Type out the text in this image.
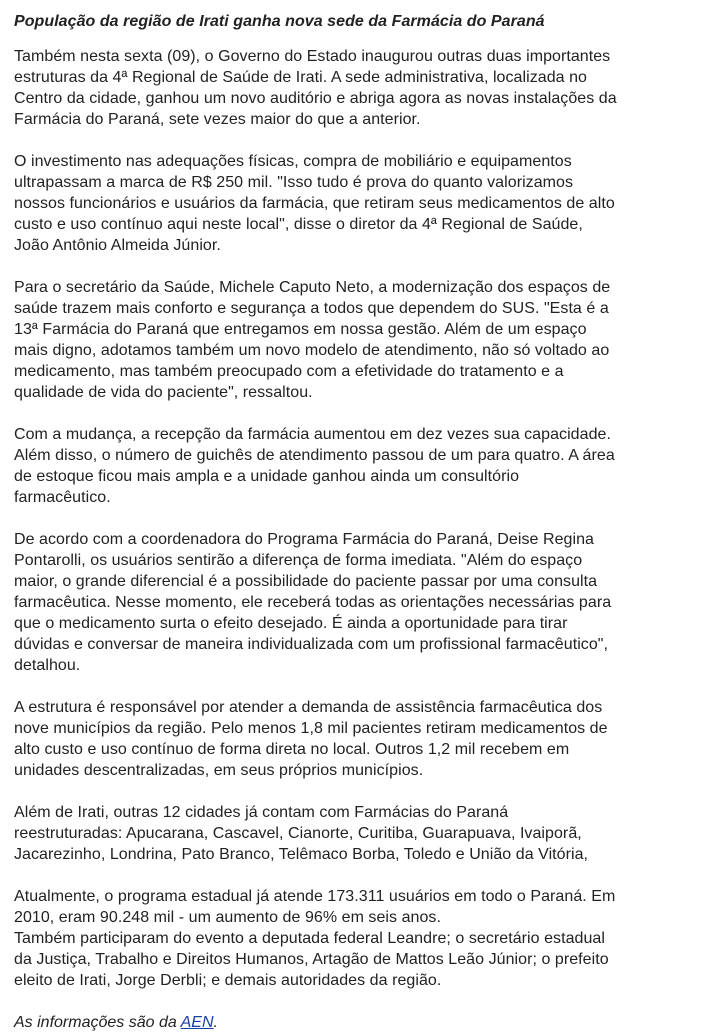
População da região de Irati ganha nova sede da Farmácia do Paraná

Também nesta sexta (09), o Governo do Estado inaugurou outras duas importantes
estruturas da 4ª Regional de Saúde de Irati. A sede administrativa, localizada no
Centro da cidade, ganhou um novo auditório e abriga agora as novas instalações da
Farmácia do Paraná, sete vezes maior do que a anterior.

O investimento nas adequações físicas, compra de mobiliário e equipamentos
ultrapassam a marca de R$ 250 mil. "Isso tudo é prova do quanto valorizamos
nossos funcionários e usuários da farmácia, que retiram seus medicamentos de alto
custo e uso contínuo aqui neste local", disse o diretor da 4ª Regional de Saúde,
João Antônio Almeida Júnior.

Para o secretário da Saúde, Michele Caputo Neto, a modernização dos espaços de
saúde trazem mais conforto e segurança a todos que dependem do SUS. "Esta é a
13ª Farmácia do Paraná que entregamos em nossa gestão. Além de um espaço
mais digno, adotamos também um novo modelo de atendimento, não só voltado ao
medicamento, mas também preocupado com a efetividade do tratamento e a
qualidade de vida do paciente", ressaltou.

Com a mudança, a recepção da farmácia aumentou em dez vezes sua capacidade.
Além disso, o número de guichês de atendimento passou de um para quatro. A área
de estoque ficou mais ampla e a unidade ganhou ainda um consultório
farmacêutico.

De acordo com a coordenadora do Programa Farmácia do Paraná, Deise Regina
Pontarolli, os usuários sentirão a diferença de forma imediata. "Além do espaço
maior, o grande diferencial é a possibilidade do paciente passar por uma consulta
farmacêutica. Nesse momento, ele receberá todas as orientações necessárias para
que o medicamento surta o efeito desejado. É ainda a oportunidade para tirar
dúvidas e conversar de maneira individualizada com um profissional farmacêutico",
detalhou.

A estrutura é responsável por atender a demanda de assistência farmacêutica dos
nove municípios da região. Pelo menos 1,8 mil pacientes retiram medicamentos de
alto custo e uso contínuo de forma direta no local. Outros 1,2 mil recebem em
unidades descentralizadas, em seus próprios municípios.

Além de Irati, outras 12 cidades já contam com Farmácias do Paraná
reestruturadas: Apucarana, Cascavel, Cianorte, Curitiba, Guarapuava, Ivaiporã,
Jacarezinho, Londrina, Pato Branco, Telêmaco Borba, Toledo e União da Vitória,

Atualmente, o programa estadual já atende 173.311 usuários em todo o Paraná. Em
2010, eram 90.248 mil - um aumento de 96% em seis anos.

Também participaram do evento a deputada federal Leandre; o secretário estadual
da Justiça, Trabalho e Direitos Humanos, Artagão de Mattos Leão Júnior; o prefeito
eleito de Irati, Jorge Derbli; e demais autoridades da região.

As informações são da AEN.
